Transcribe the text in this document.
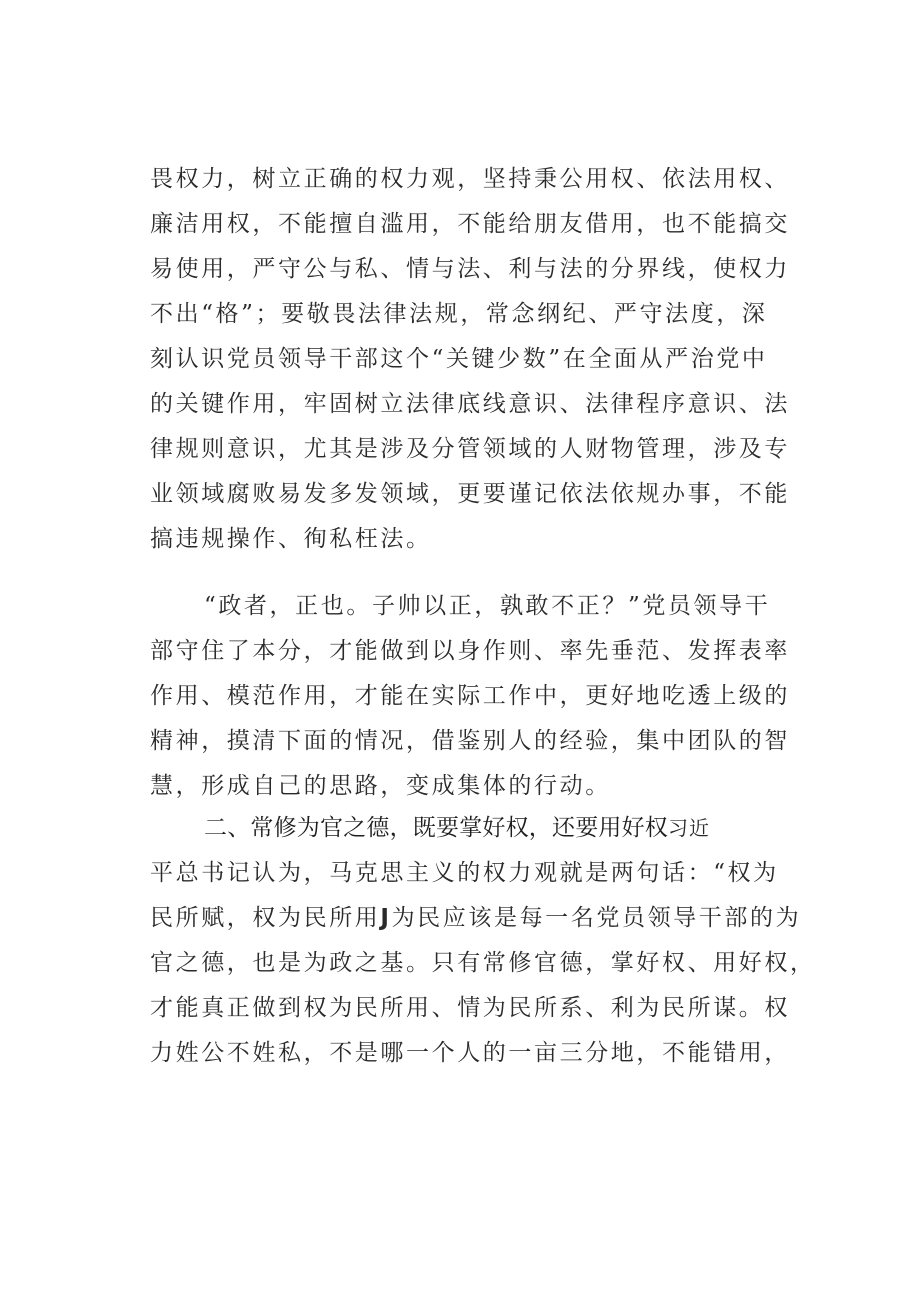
畏权力，树立正确的权力观，坚持秉公用权、依法用权、
廉洁用权，不能擅自滥用，不能给朋友借用，也不能搞交
易使用，严守公与私、情与法、利与法的分界线，使权力
不出“格”；要敬畏法律法规，常念纲纪、严守法度，深
刻认识党员领导干部这个“关键少数”在全面从严治党中
的关键作用，牢固树立法律底线意识、法律程序意识、法
律规则意识，尤其是涉及分管领域的人财物管理，涉及专
业领域腐败易发多发领域，更要谨记依法依规办事，不能
搞违规操作、徇私枉法。
“政者，正也。子帅以正，孰敢不正？”党员领导干
部守住了本分，才能做到以身作则、率先垂范、发挥表率
作用、模范作用，才能在实际工作中，更好地吃透上级的
精神，摸清下面的情况，借鉴别人的经验，集中团队的智
慧，形成自己的思路，变成集体的行动。
二、常修为官之德，既要掌好权，还要用好权习近
平总书记认为，马克思主义的权力观就是两句话：“权为
民所赋，权为民所用J为民应该是每一名党员领导干部的为
官之德，也是为政之基。只有常修官德，掌好权、用好权，
才能真正做到权为民所用、情为民所系、利为民所谋。权
力姓公不姓私，不是哪一个人的一亩三分地，不能错用，
